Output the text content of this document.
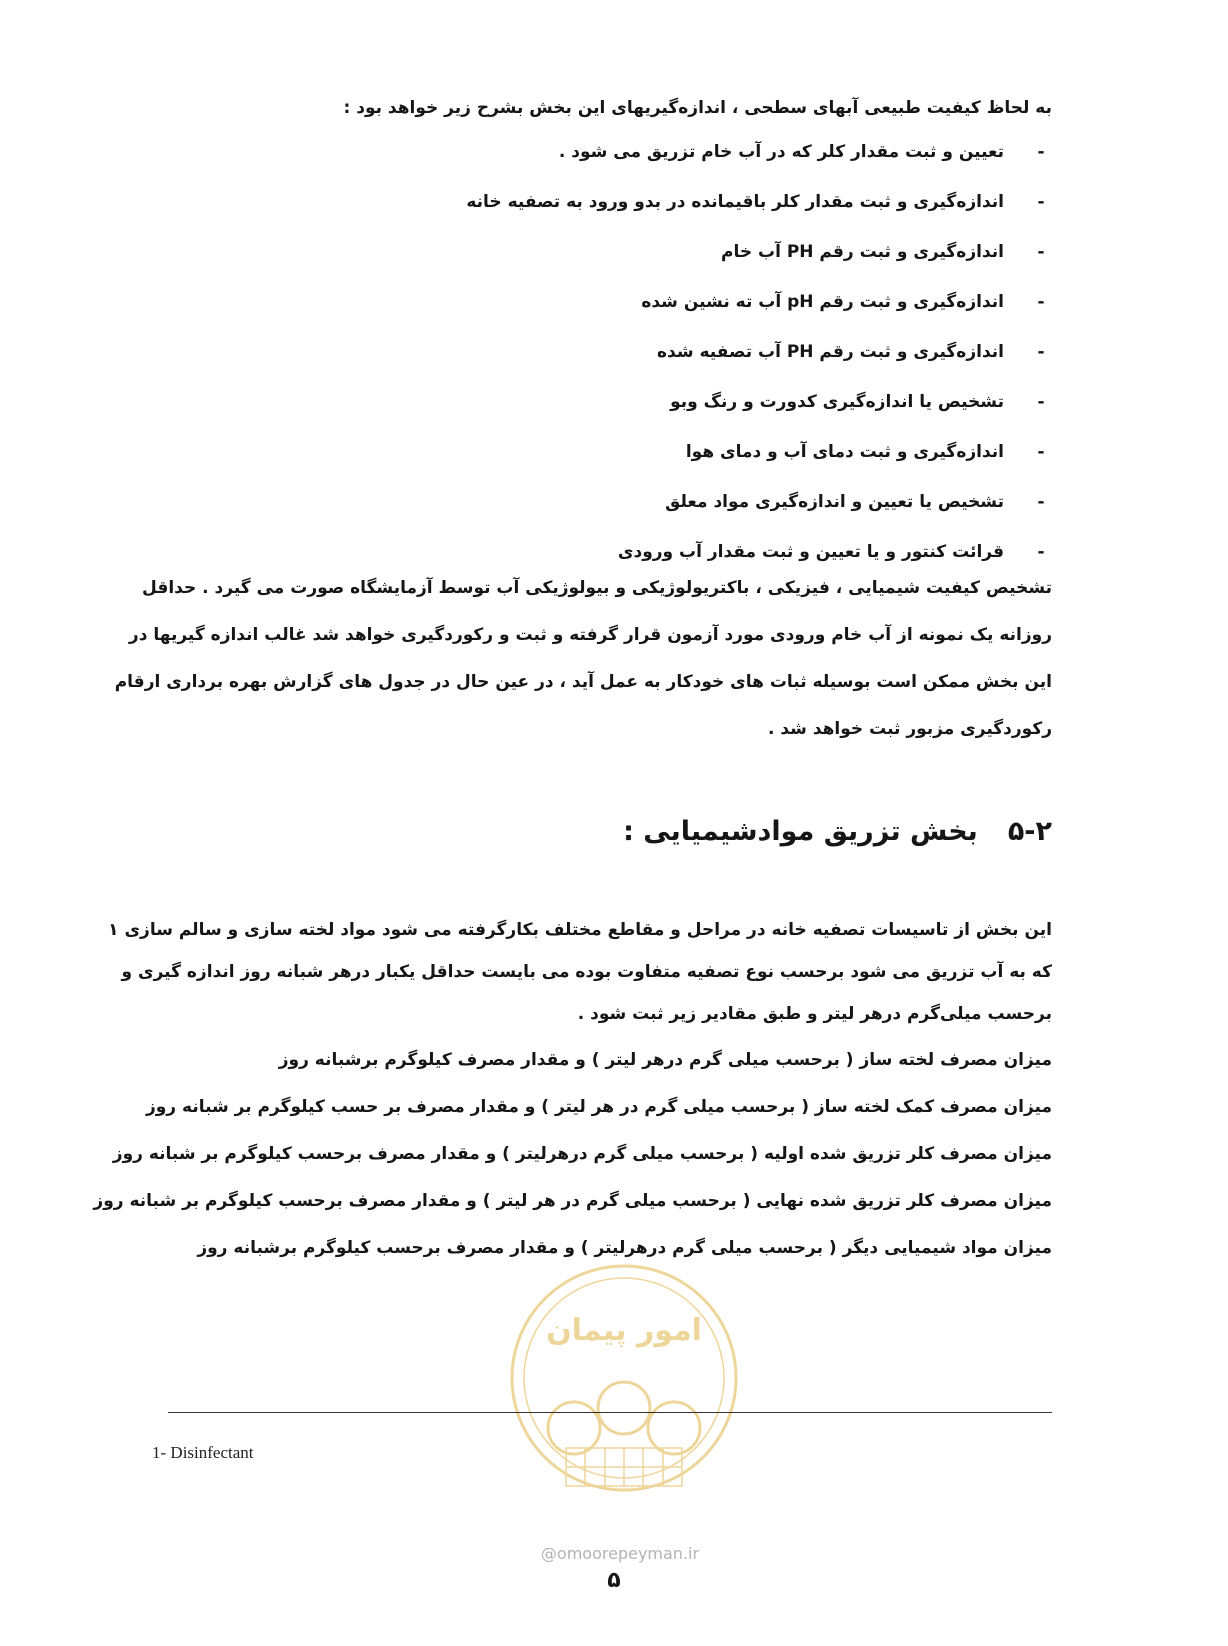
به لحاظ کیفیت طبیعی آبهای سطحی ، اندازه‌گیریهای این بخش بشرح زیر خواهد بود :
-تعیین و ثبت مقدار کلر که در آب خام تزریق می شود .
-اندازه‌گیری و ثبت مقدار کلر باقیمانده در بدو ورود به تصفیه خانه
-اندازه‌گیری و ثبت رقم PH آب خام
-اندازه‌گیری و ثبت رقم pH آب ته نشین شده
-اندازه‌گیری و ثبت رقم PH آب تصفیه شده
-تشخیص یا اندازه‌گیری کدورت و رنگ وبو
-اندازه‌گیری و ثبت دمای آب و دمای هوا
-تشخیص یا تعیین و اندازه‌گیری مواد معلق
-قرائت کنتور و یا تعیین و ثبت مقدار آب ورودی
تشخیص کیفیت شیمیایی ، فیزیکی ، باکتریولوژیکی و بیولوژیکی آب توسط آزمایشگاه صورت می گیرد . حداقل
روزانه یک نمونه از آب خام ورودی مورد آزمون قرار گرفته و ثبت و رکوردگیری خواهد شد غالب اندازه گیریها در
این بخش ممکن است بوسیله ثبات های خودکار به عمل آید ، در عین حال در جدول های گزارش بهره برداری ارقام
رکوردگیری مزبور ثبت خواهد شد .
۵-۲بخش تزریق موادشیمیایی :
این بخش از تاسیسات تصفیه خانه در مراحل و مقاطع مختلف بکارگرفته می شود مواد لخته سازی و سالم سازی ۱
که به آب تزریق می شود برحسب نوع تصفیه متفاوت بوده می بایست حداقل یکبار درهر شبانه روز اندازه گیری و
برحسب میلی‌گرم درهر لیتر و طبق مقادیر زیر ثبت شود .
میزان مصرف لخته ساز ( برحسب میلی گرم درهر لیتر ) و مقدار مصرف کیلوگرم برشبانه روز
میزان مصرف کمک لخته ساز ( برحسب میلی گرم در هر لیتر ) و مقدار مصرف بر حسب کیلوگرم بر شبانه روز
میزان مصرف کلر تزریق شده اولیه ( برحسب میلی گرم درهرلیتر ) و مقدار مصرف برحسب کیلوگرم بر شبانه روز
میزان مصرف کلر تزریق شده نهایی ( برحسب میلی گرم در هر لیتر ) و مقدار مصرف برحسب کیلوگرم بر شبانه روز
میزان مواد شیمیایی دیگر ( برحسب میلی گرم درهرلیتر ) و مقدار مصرف برحسب کیلوگرم برشبانه روز
امور پیمان
1- Disinfectant
@omoorepeyman.ir
۵
